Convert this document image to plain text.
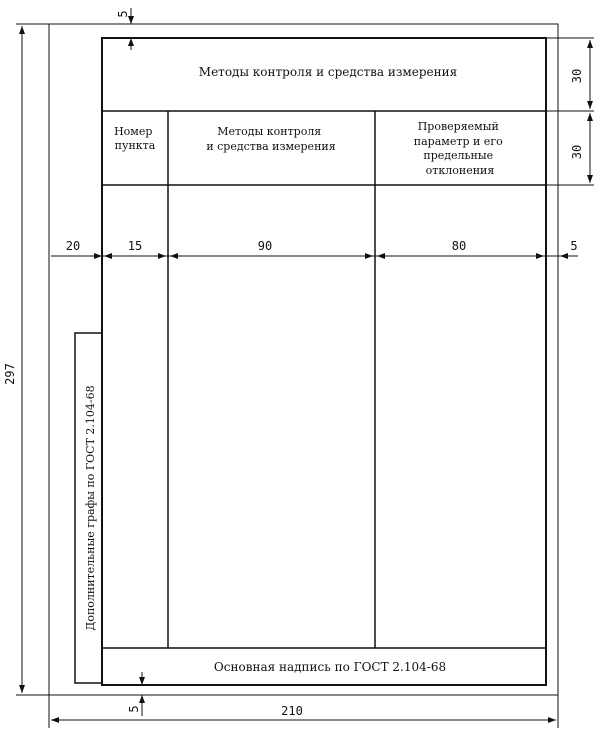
Методы контроля и средства измерения
Номер пункта
Методы контроля и средства измерения
Проверяемый параметр и его предельные отклонения
Основная надпись по ГОСТ 2.104-68
Дополнительные графы по ГОСТ 2.104-68
5
30
30
20	15	90	80	5
297
5	210
